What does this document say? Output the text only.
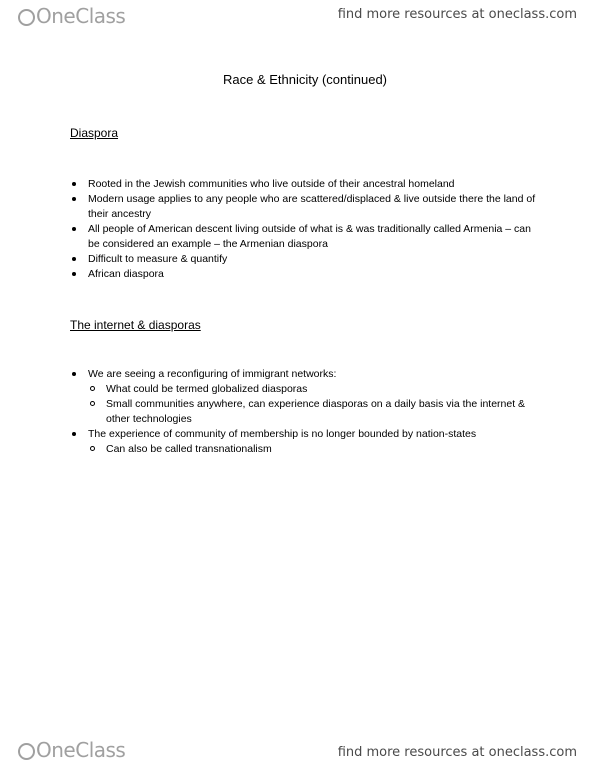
OneClass	find more resources at oneclass.com
Race & Ethnicity (continued)
Diaspora
Rooted in the Jewish communities who live outside of their ancestral homeland
Modern usage applies to any people who are scattered/displaced & live outside there the land of their ancestry
All people of American descent living outside of what is & was traditionally called Armenia – can be considered an example – the Armenian diaspora
Difficult to measure & quantify
African diaspora
The internet & diasporas
We are seeing a reconfiguring of immigrant networks:
What could be termed globalized diasporas
Small communities anywhere, can experience diasporas on a daily basis via the internet & other technologies
The experience of community of membership is no longer bounded by nation-states
Can also be called transnationalism
OneClass	find more resources at oneclass.com
